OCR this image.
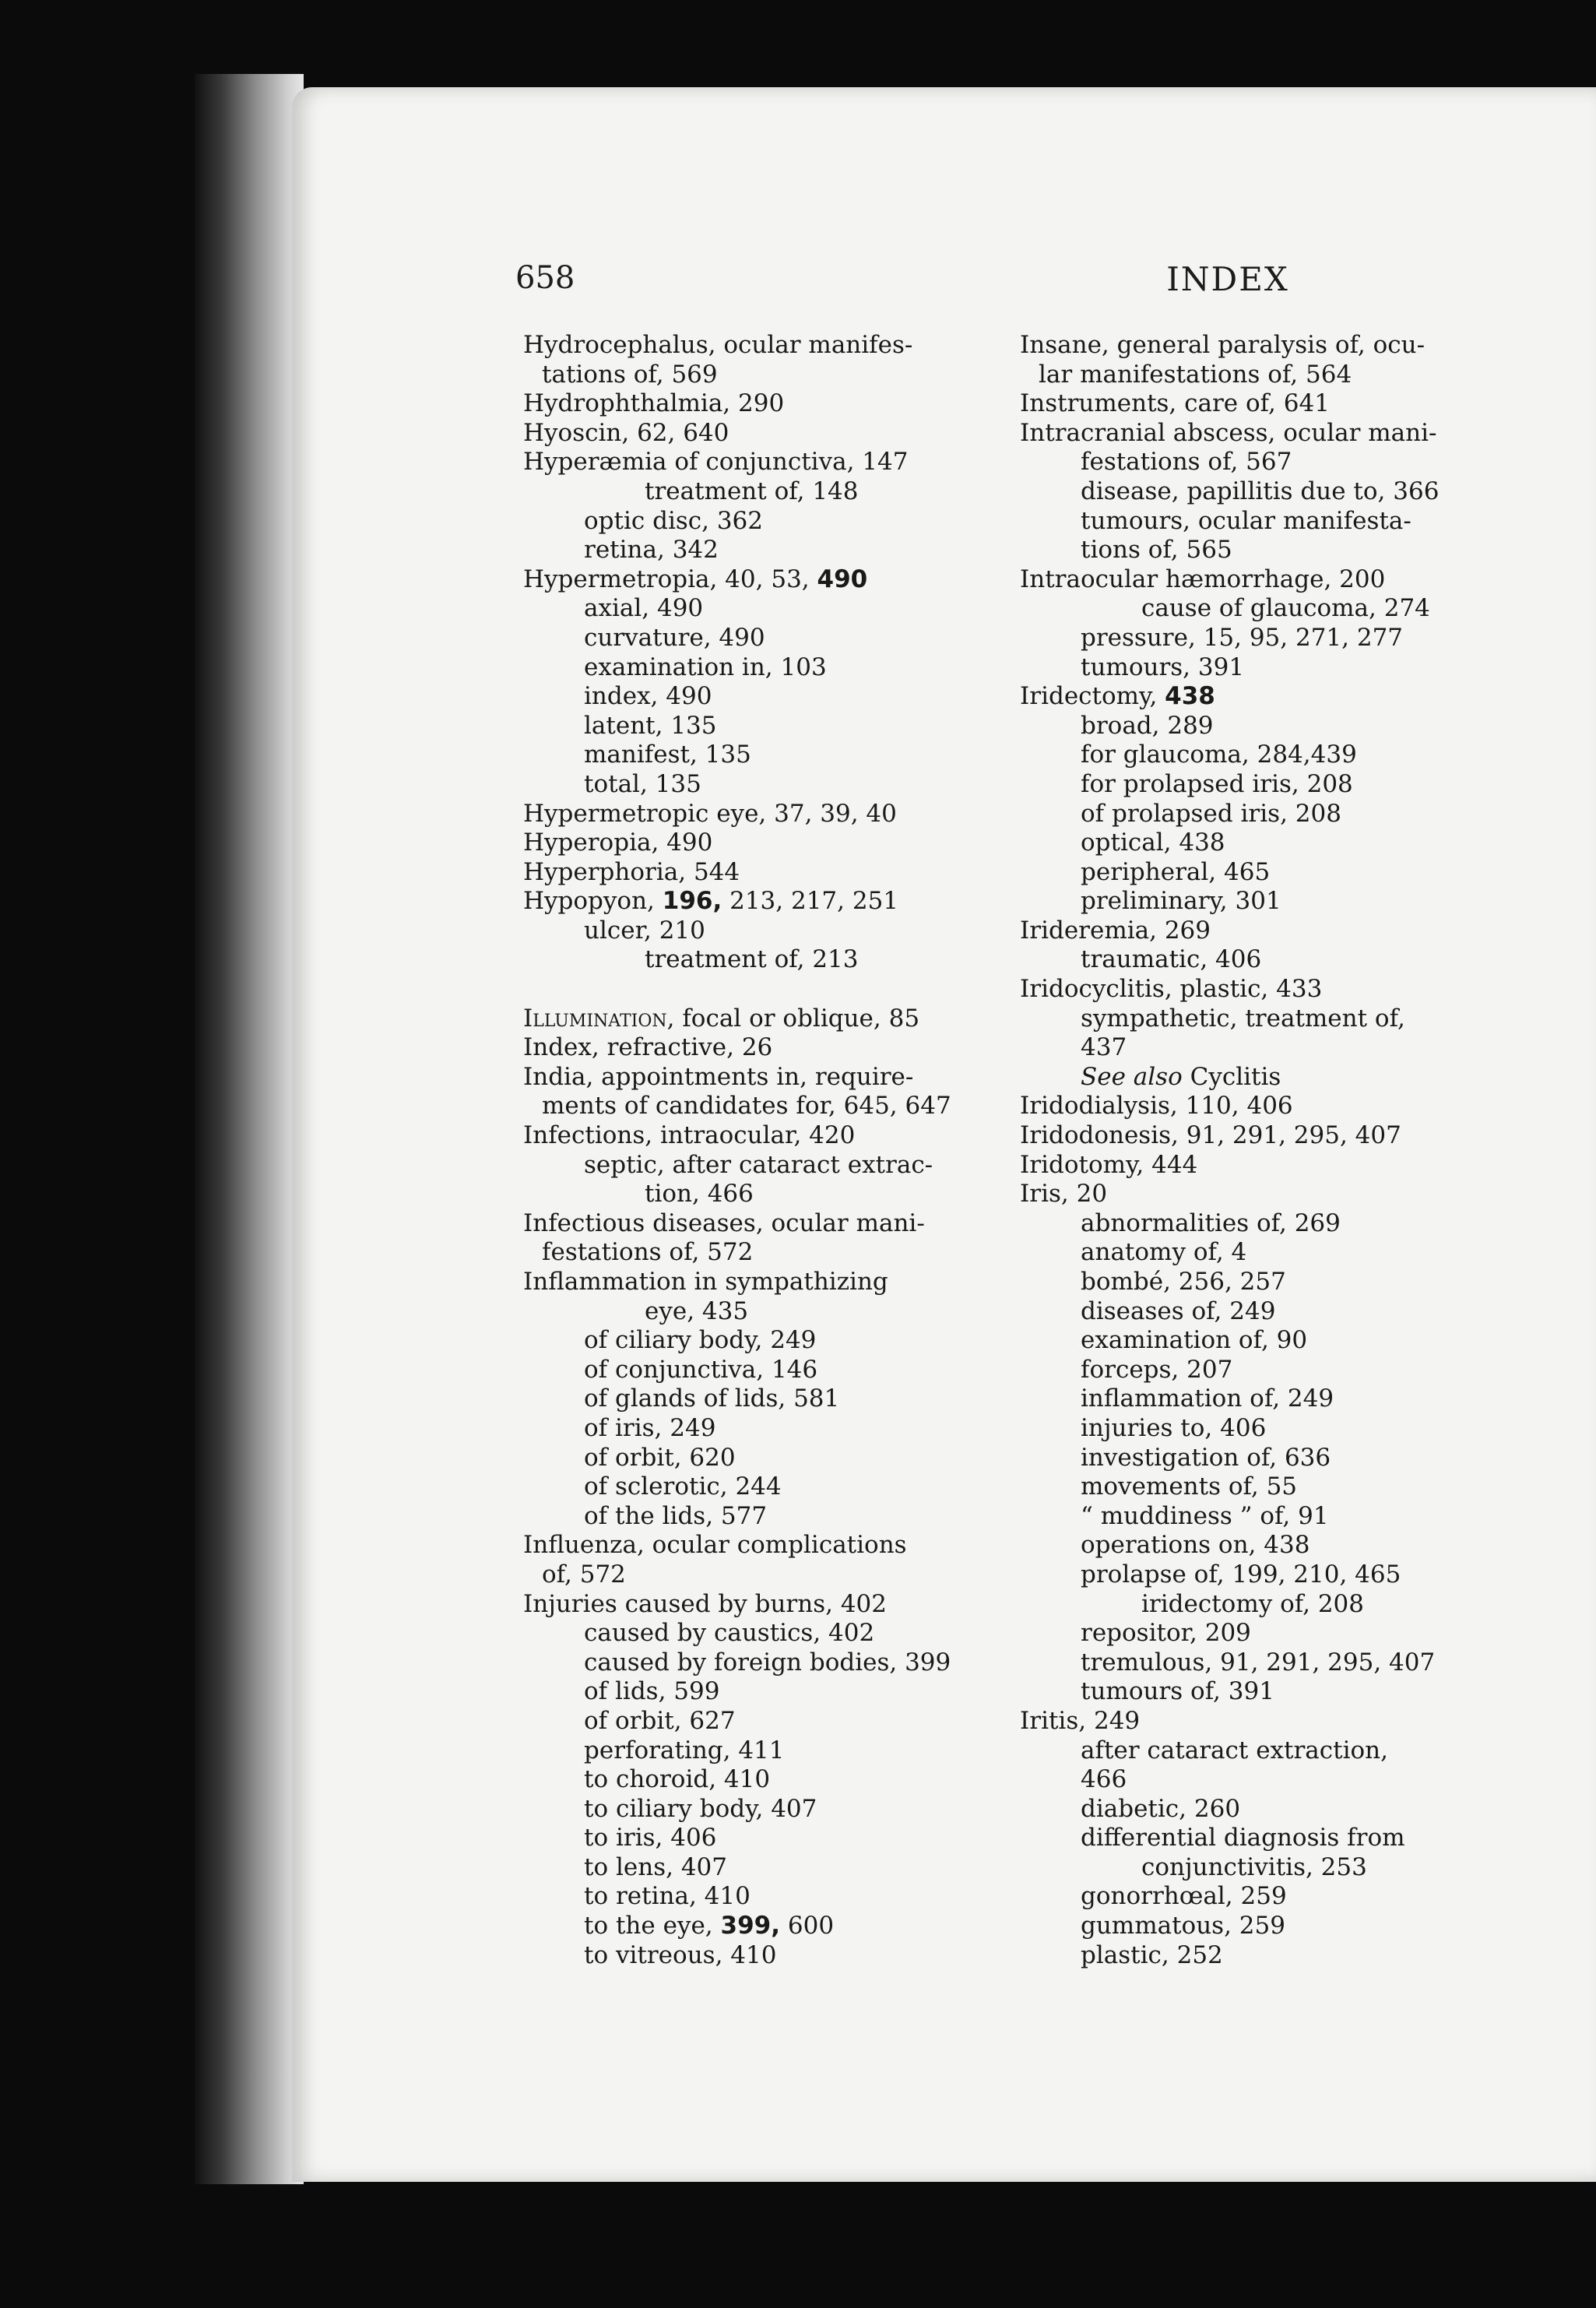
658	INDEX
Hydrocephalus, ocular manifes-
tations of, 569
Hydrophthalmia, 290
Hyoscin, 62, 640
Hyperæmia of conjunctiva, 147
treatment of, 148
optic disc, 362
retina, 342
Hypermetropia, 40, 53, 490
axial, 490
curvature, 490
examination in, 103
index, 490
latent, 135
manifest, 135
total, 135
Hypermetropic eye, 37, 39, 40
Hyperopia, 490
Hyperphoria, 544
Hypopyon, 196, 213, 217, 251
ulcer, 210
treatment of, 213
Illumination, focal or oblique, 85
Index, refractive, 26
India, appointments in, require-
ments of candidates for, 645, 647
Infections, intraocular, 420
septic, after cataract extrac-
tion, 466
Infectious diseases, ocular mani-
festations of, 572
Inflammation in sympathizing
eye, 435
of ciliary body, 249
of conjunctiva, 146
of glands of lids, 581
of iris, 249
of orbit, 620
of sclerotic, 244
of the lids, 577
Influenza, ocular complications
of, 572
Injuries caused by burns, 402
caused by caustics, 402
caused by foreign bodies, 399
of lids, 599
of orbit, 627
perforating, 411
to choroid, 410
to ciliary body, 407
to iris, 406
to lens, 407
to retina, 410
to the eye, 399, 600
to vitreous, 410
Insane, general paralysis of, ocu-
lar manifestations of, 564
Instruments, care of, 641
Intracranial abscess, ocular mani-
festations of, 567
disease, papillitis due to, 366
tumours, ocular manifesta-
tions of, 565
Intraocular hæmorrhage, 200
cause of glaucoma, 274
pressure, 15, 95, 271, 277
tumours, 391
Iridectomy, 438
broad, 289
for glaucoma, 284,439
for prolapsed iris, 208
of prolapsed iris, 208
optical, 438
peripheral, 465
preliminary, 301
Irideremia, 269
traumatic, 406
Iridocyclitis, plastic, 433
sympathetic, treatment of,
437
See also Cyclitis
Iridodialysis, 110, 406
Iridodonesis, 91, 291, 295, 407
Iridotomy, 444
Iris, 20
abnormalities of, 269
anatomy of, 4
bombé, 256, 257
diseases of, 249
examination of, 90
forceps, 207
inflammation of, 249
injuries to, 406
investigation of, 636
movements of, 55
“ muddiness ” of, 91
operations on, 438
prolapse of, 199, 210, 465
iridectomy of, 208
repositor, 209
tremulous, 91, 291, 295, 407
tumours of, 391
Iritis, 249
after cataract extraction,
466
diabetic, 260
differential diagnosis from
conjunctivitis, 253
gonorrhœal, 259
gummatous, 259
plastic, 252
